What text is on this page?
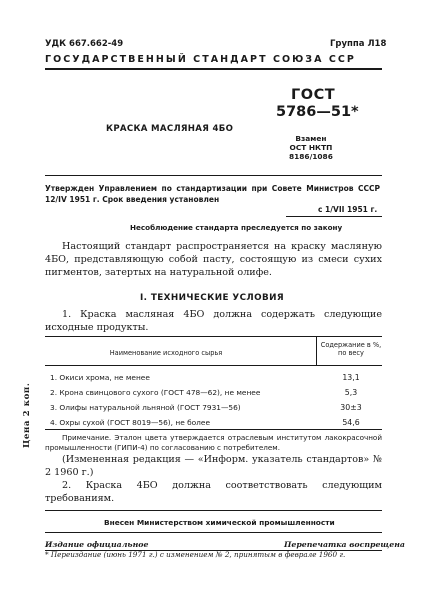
УДК 667.662-49	Группа Л18
ГОСУДАРСТВЕННЫЙ СТАНДАРТ СОЮЗА ССР
КРАСКА МАСЛЯНАЯ 4БО
ГОСТ
5786—51*
Взамен
ОСТ НКТП
8186/1086
Утвержден Управлением по стандартизации при Совете Министров СССР 12/IV 1951 г. Срок введения установлен
с 1/VII 1951 г.
Несоблюдение стандарта преследуется по закону
Настоящий стандарт распространяется на краску масляную 4БО, представляющую собой пасту, состоящую из смеси сухих пигментов, затертых на натуральной олифе.
I. ТЕХНИЧЕСКИЕ УСЛОВИЯ
1. Краска масляная 4БО должна содержать следующие исходные продукты.
Наименование исходного сырья
Содержание в %, по весу
1. Окиси хрома, не менее	13,1
2. Крона свинцового сухого (ГОСТ 478—62), не менее	5,3
3. Олифы натуральной льняной (ГОСТ 7931—56)	30±3
4. Охры сухой (ГОСТ 8019—56), не более	54,6
Примечание. Эталон цвета утверждается отраслевым институтом лакокрасочной промышленности (ГИПИ-4) по согласованию с потребителем.
(Измененная редакция — «Информ. указатель стандартов» № 2 1960 г.)
2. Краска 4БО должна соответствовать следующим требованиям.
Цена 2 коп.
Внесен Министерством химической промышленности
Издание официальное	Перепечатка воспрещена
* Переиздание (июнь 1971 г.) с изменением № 2, принятым в феврале 1960 г.
